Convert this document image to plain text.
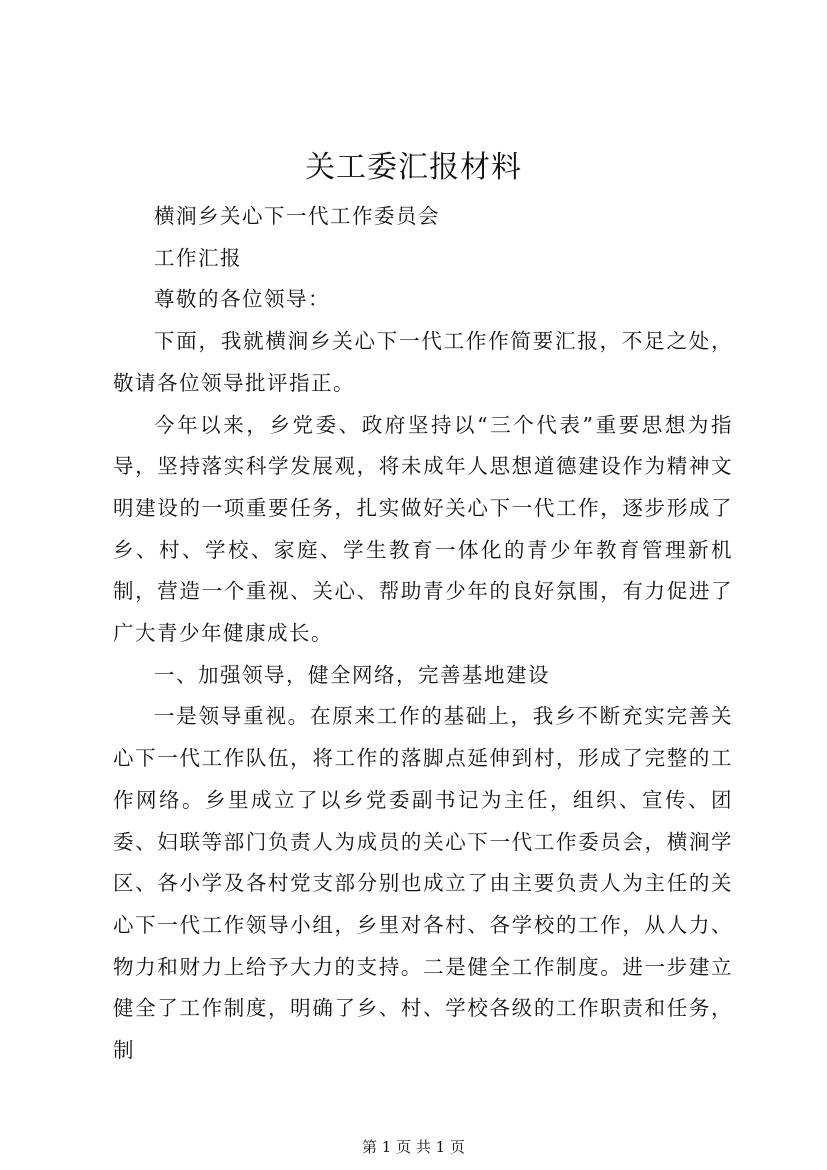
关工委汇报材料

横涧乡关心下一代工作委员会

工作汇报

尊敬的各位领导：

下面，我就横涧乡关心下一代工作作简要汇报，不足之处，敬请各位领导批评指正。

今年以来，乡党委、政府坚持以“三个代表”重要思想为指导，坚持落实科学发展观，将未成年人思想道德建设作为精神文明建设的一项重要任务，扎实做好关心下一代工作，逐步形成了乡、村、学校、家庭、学生教育一体化的青少年教育管理新机制，营造一个重视、关心、帮助青少年的良好氛围，有力促进了广大青少年健康成长。

一、加强领导，健全网络，完善基地建设

一是领导重视。在原来工作的基础上，我乡不断充实完善关心下一代工作队伍，将工作的落脚点延伸到村，形成了完整的工作网络。乡里成立了以乡党委副书记为主任，组织、宣传、团委、妇联等部门负责人为成员的关心下一代工作委员会，横涧学区、各小学及各村党支部分别也成立了由主要负责人为主任的关心下一代工作领导小组，乡里对各村、各学校的工作，从人力、物力和财力上给予大力的支持。二是健全工作制度。进一步建立健全了工作制度，明确了乡、村、学校各级的工作职责和任务，制

第 1 页 共 1 页
